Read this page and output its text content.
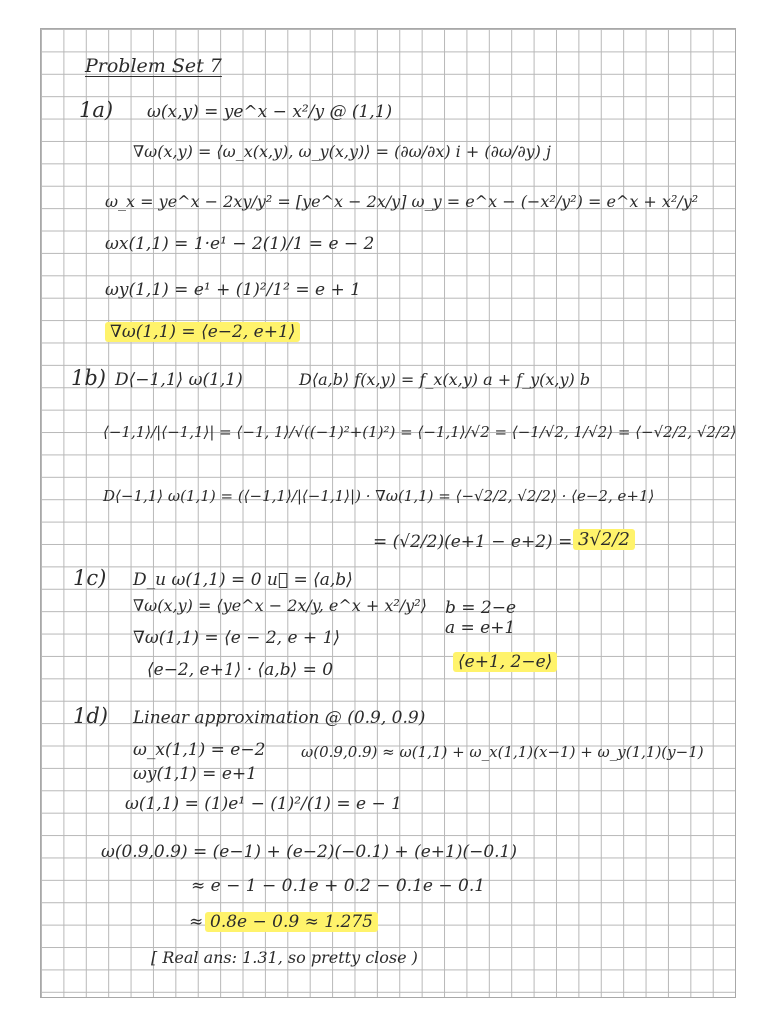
Problem Set 7
1a) ω(x,y) = ye^x − x²/y @ (1,1)
∇ω(x,y) = ⟨ω_x(x,y), ω_y(x,y)⟩ = (∂ω/∂x) i + (∂ω/∂y) j
ω_x = ye^x − 2xy/y² = [ye^x − 2x/y] ω_y = e^x − (−x²/y²) = e^x + x²/y²
ωx(1,1) = 1·e¹ − 2(1)/1 = e − 2
ωy(1,1) = e¹ + (1)²/1² = e + 1
∇ω(1,1) = ⟨e−2, e+1⟩
1b) D⟨−1,1⟩ ω(1,1)	D⟨a,b⟩ f(x,y) = f_x(x,y) a + f_y(x,y) b
⟨−1,1⟩/|⟨−1,1⟩| = ⟨−1, 1⟩/√((−1)²+(1)²) = ⟨−1,1⟩/√2 = ⟨−1/√2, 1/√2⟩ = ⟨−√2/2, √2/2⟩
D⟨−1,1⟩ ω(1,1) = (⟨−1,1⟩/|⟨−1,1⟩|) · ∇ω(1,1) = ⟨−√2/2, √2/2⟩ · ⟨e−2, e+1⟩
= (√2/2)(e+1 − e+2) = 3√2/2
1c) D_u ω(1,1) = 0 u⃗ = ⟨a,b⟩
∇ω(x,y) = ⟨ye^x − 2x/y, e^x + x²/y²⟩
∇ω(1,1) = ⟨e − 2, e + 1⟩
⟨e−2, e+1⟩ · ⟨a,b⟩ = 0
b = 2−e
a = e+1
⟨e+1, 2−e⟩
1d) Linear approximation @ (0.9, 0.9)
ω_x(1,1) = e−2 ω(0.9,0.9) ≈ ω(1,1) + ω_x(1,1)(x−1) + ω_y(1,1)(y−1)
ωy(1,1) = e+1
ω(1,1) = (1)e¹ − (1)²/(1) = e − 1
ω(0.9,0.9) = (e−1) + (e−2)(−0.1) + (e+1)(−0.1)
≈ e − 1 − 0.1e + 0.2 − 0.1e − 0.1
≈ 0.8e − 0.9 ≈ 1.275
[ Real ans: 1.31, so pretty close )
